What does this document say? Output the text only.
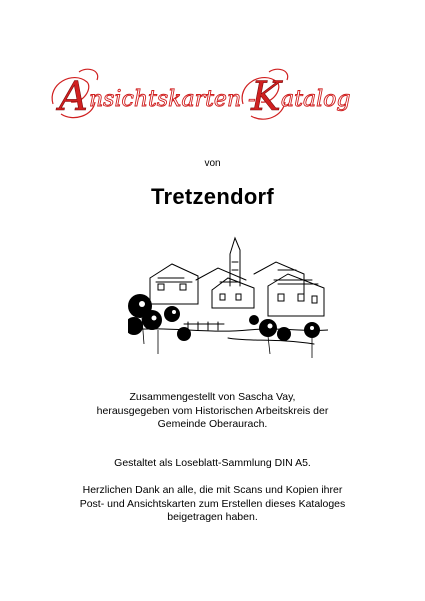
A nsichtskarten -
K atalog
von
Tretzendorf
Zusammengestellt von Sascha Vay,
herausgegeben vom Historischen Arbeitskreis der
Gemeinde Oberaurach.
Gestaltet als Loseblatt-Sammlung DIN A5.
Herzlichen Dank an alle, die mit Scans und Kopien ihrer
Post- und Ansichtskarten zum Erstellen dieses Kataloges
beigetragen haben.
